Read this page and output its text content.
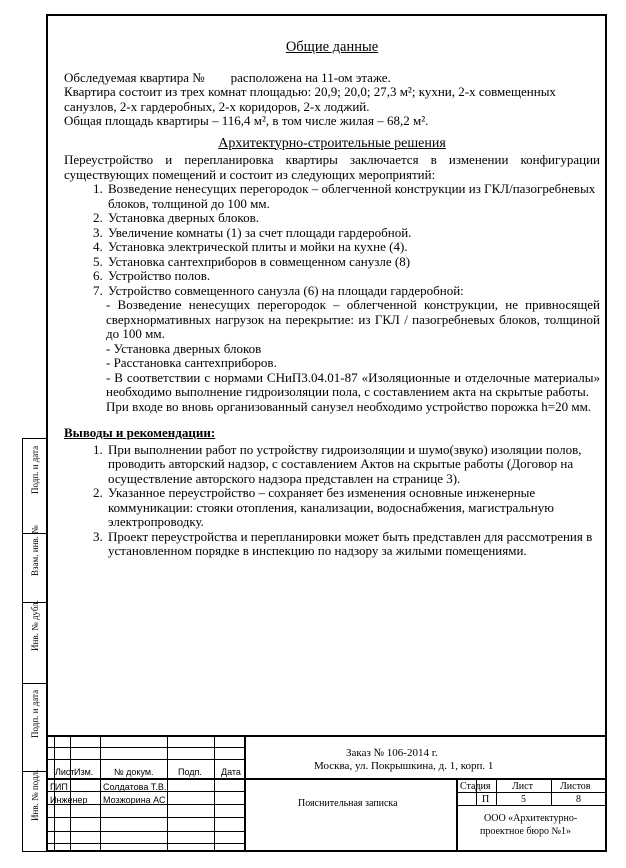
Подп. и дата
Взам. инв. №
Инв. № дубл.
Подп. и дата
Инв. № подл.
Общие данные

Обследуемая квартира №        расположена на 11-ом этаже.

Квартира состоит из трех комнат площадью: 20,9; 20,0; 27,3 м²; кухни, 2-х совмещенных санузлов, 2-х гардеробных, 2-х коридоров, 2-х лоджий.

Общая площадь квартиры – 116,4 м², в том числе жилая – 68,2 м².

Архитектурно-строительные решения

Переустройство и перепланировка квартиры заключается в изменении конфигурации существующих помещений и состоит из следующих мероприятий:

1. Возведение ненесущих перегородок – облегченной конструкции из ГКЛ/пазогребневых блоков, толщиной до 100 мм.
2. Установка дверных блоков.
3. Увеличение комнаты (1) за счет площади гардеробной.
4. Установка электрической плиты и мойки на кухне (4).
5. Установка сантехприборов в совмещенном санузле (8)
6. Устройство полов.
7. Устройство совмещенного санузла (6) на площади гардеробной:

- Возведение ненесущих перегородок – облегченной конструкции, не привносящей сверхнормативных нагрузок на перекрытие: из ГКЛ / пазогребневых блоков, толщиной до 100 мм.

- Установка дверных блоков

- Расстановка сантехприборов.

- В соответствии с нормами СНиП3.04.01-87 «Изоляционные и отделочные материалы» необходимо выполнение гидроизоляции пола, с составлением акта на скрытые работы.

При входе во вновь организованный санузел необходимо устройство порожка h=20 мм.

Выводы и рекомендации:

1. При выполнении работ по устройству гидроизоляции и шумо(звуко) изоляции полов, проводить авторский надзор, с составлением Актов на скрытые работы (Договор на осуществление авторского надзора представлен на странице 3).
2. Указанное переустройство – сохраняет без изменения основные инженерные коммуникации: стояки отопления, канализации, водоснабжения, магистральную электропроводку.
3. Проект переустройства и перепланировки может быть представлен для рассмотрения в установленном порядке в инспекцию по надзору за жилыми помещениями.
Лист Изм. № докум.	Подп. Дата
Заказ № 106-2014 г.
Москва, ул. Покрышкина, д. 1, корп. 1
ГИП	Солдатова Т.В.
Инженер Мозжорина АС	Пояснительная записка
Стадия Лист	Листов
П	5	8
ООО «Архитектурно-
проектное бюро №1»
